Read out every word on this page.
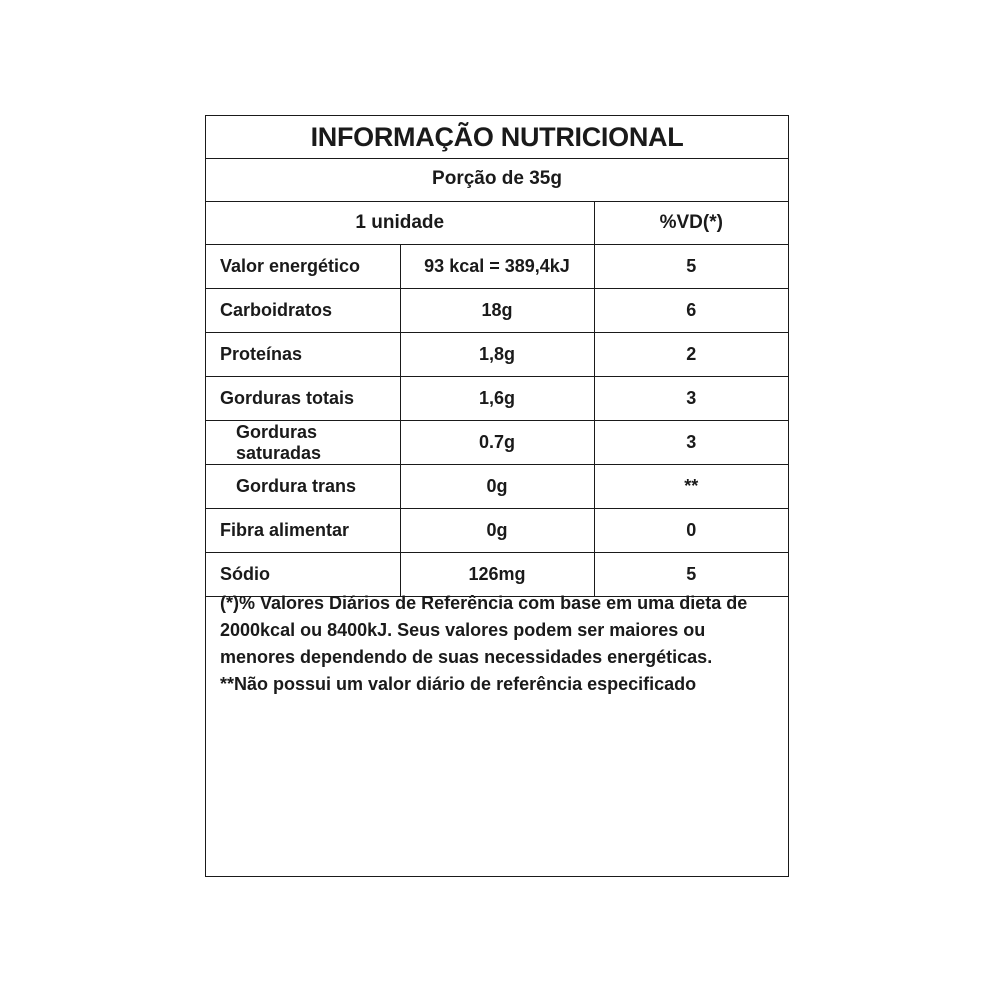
INFORMAÇÃO NUTRICIONAL
Porção de 35g
1 unidade		%VD(*)
Valor energético	93 kcal = 389,4kJ	5
Carboidratos	18g	6
Proteínas	1,8g	2
Gorduras totais	1,6g	3
Gorduras saturadas	0.7g	3
Gordura trans	0g	**
Fibra alimentar	0g	0
Sódio	126mg	5

(*)% Valores Diários de Referência com base em uma dieta de 2000kcal ou 8400kJ. Seus valores podem ser maiores ou menores dependendo de suas necessidades energéticas.

**Não possui um valor diário de referência especificado
